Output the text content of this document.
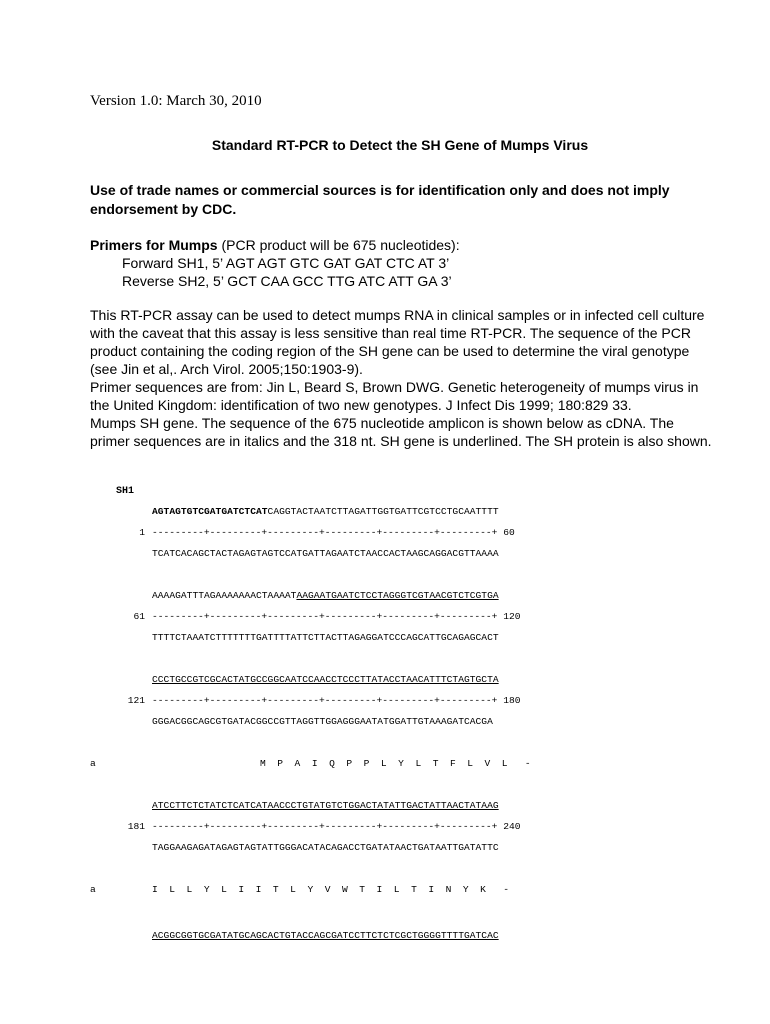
Version 1.0: March 30, 2010
Standard RT-PCR to Detect the SH Gene of Mumps Virus
Use of trade names or commercial sources is for identification only and does not imply endorsement by CDC.
Primers for Mumps (PCR product will be 675 nucleotides):
Forward SH1, 5’ AGT AGT GTC GAT GAT CTC AT 3’
Reverse SH2, 5’ GCT CAA GCC TTG ATC ATT GA 3’

This RT-PCR assay can be used to detect mumps RNA in clinical samples or in infected cell culture with the caveat that this assay is less sensitive than real time RT-PCR. The sequence of the PCR product containing the coding region of the SH gene can be used to determine the viral genotype (see Jin et al,. Arch Virol. 2005;150:1903-9).

Primer sequences are from: Jin L, Beard S, Brown DWG. Genetic heterogeneity of mumps virus in the United Kingdom: identification of two new genotypes. J Infect Dis 1999; 180:829 33.

Mumps SH gene. The sequence of the 675 nucleotide amplicon is shown below as cDNA. The primer sequences are in italics and the 318 nt. SH gene is underlined. The SH protein is also shown.

SH1
AGTAGTGTCGATGATCTCATCAGGTACTAATCTTAGATTGGTGATTCGTCCTGCAATTTT
1 ---------+---------+---------+---------+---------+---------+ 60
TCATCACAGCTACTAGAGTAGTCCATGATTAGAATCTAACCACTAAGCAGGACGTTAAAA
AAAAGATTTAGAAAAAAACTAAAATAAGAATGAATCTCCTAGGGTCGTAACGTCTCGTGA
61 ---------+---------+---------+---------+---------+---------+ 120
TTTTCTAAATCTTTTTTTGATTTTATTCTTACTTAGAGGATCCCAGCATTGCAGAGCACT
CCCTGCCGTCGCACTATGCCGGCAATCCAACCTCCCTTATACCTAACATTTCTAGTGCTA
121 ---------+---------+---------+---------+---------+---------+ 180
GGGACGGCAGCGTGATACGGCCGTTAGGTTGGAGGGAATATGGATTGTAAAGATCACGA
a	M  P  A  I  Q  P  P  L  Y  L  T  F  L  V  L   -
ATCCTTCTCTATCTCATCATAACCCTGTATGTCTGGACTATATTGACTATTAACTATAAG
181 ---------+---------+---------+---------+---------+---------+ 240
TAGGAAGAGATAGAGTAGTATTGGGACATACAGACCTGATATAACTGATAATTGATATTC
a	I  L  L  Y  L  I  I  T  L  Y  V  W  T  I  L  T  I  N  Y  K   -
ACGGCGGTGCGATATGCAGCACTGTACCAGCGATCCTTCTCTCGCTGGGGTTTTGATCAC
